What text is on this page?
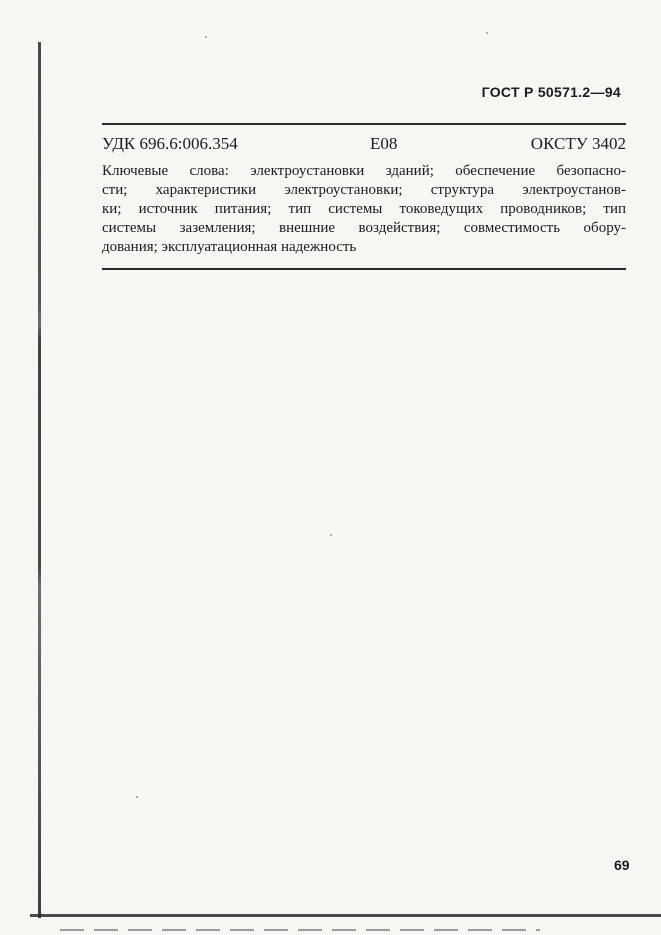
ГОСТ Р 50571.2—94
УДК 696.6:006.354	Е08	ОКСТУ 3402
Ключевые слова: электроустановки зданий; обеспечение безопасно-
сти; характеристики электроустановки; структура электроустанов-
ки; источник питания; тип системы токоведущих проводников; тип
системы заземления; внешние воздействия; совместимость обору-
дования; эксплуатационная надежность
69
